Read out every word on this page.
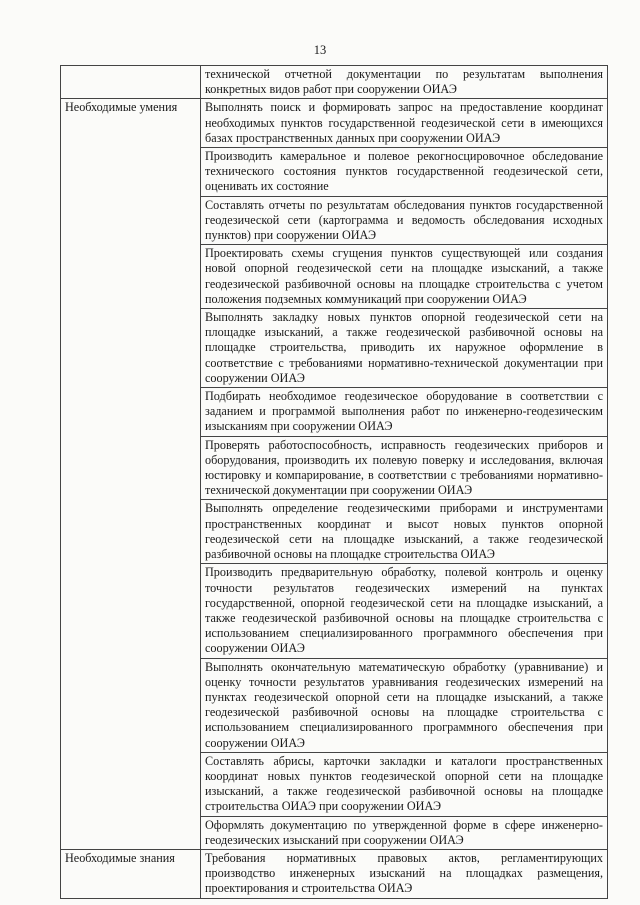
13
	технической отчетной документации по результатам выполнения конкретных видов работ при сооружении ОИАЭ
Необходимые умения	Выполнять поиск и формировать запрос на предоставление координат необходимых пунктов государственной геодезической сети в имеющихся базах пространственных данных при сооружении ОИАЭ
	Производить камеральное и полевое рекогносцировочное обследование технического состояния пунктов государственной геодезической сети, оценивать их состояние
	Составлять отчеты по результатам обследования пунктов государственной геодезической сети (картограмма и ведомость обследования исходных пунктов) при сооружении ОИАЭ
	Проектировать схемы сгущения пунктов существующей или создания новой опорной геодезической сети на площадке изысканий, а также геодезической разбивочной основы на площадке строительства с учетом положения подземных коммуникаций при сооружении ОИАЭ
	Выполнять закладку новых пунктов опорной геодезической сети на площадке изысканий, а также геодезической разбивочной основы на площадке строительства, приводить их наружное оформление в соответствие с требованиями нормативно-технической документации при сооружении ОИАЭ
	Подбирать необходимое геодезическое оборудование в соответствии с заданием и программой выполнения работ по инженерно-геодезическим изысканиям при сооружении ОИАЭ
	Проверять работоспособность, исправность геодезических приборов и оборудования, производить их полевую поверку и исследования, включая юстировку и компарирование, в соответствии с требованиями нормативно-технической документации при сооружении ОИАЭ
	Выполнять определение геодезическими приборами и инструментами пространственных координат и высот новых пунктов опорной геодезической сети на площадке изысканий, а также геодезической разбивочной основы на площадке строительства ОИАЭ
	Производить предварительную обработку, полевой контроль и оценку точности результатов геодезических измерений на пунктах государственной, опорной геодезической сети на площадке изысканий, а также геодезической разбивочной основы на площадке строительства с использованием специализированного программного обеспечения при сооружении ОИАЭ
	Выполнять окончательную математическую обработку (уравнивание) и оценку точности результатов уравнивания геодезических измерений на пунктах геодезической опорной сети на площадке изысканий, а также геодезической разбивочной основы на площадке строительства с использованием специализированного программного обеспечения при сооружении ОИАЭ
	Составлять абрисы, карточки закладки и каталоги пространственных координат новых пунктов геодезической опорной сети на площадке изысканий, а также геодезической разбивочной основы на площадке строительства ОИАЭ при сооружении ОИАЭ
	Оформлять документацию по утвержденной форме в сфере инженерно-геодезических изысканий при сооружении ОИАЭ
Необходимые знания	Требования нормативных правовых актов, регламентирующих производство инженерных изысканий на площадках размещения, проектирования и строительства ОИАЭ
